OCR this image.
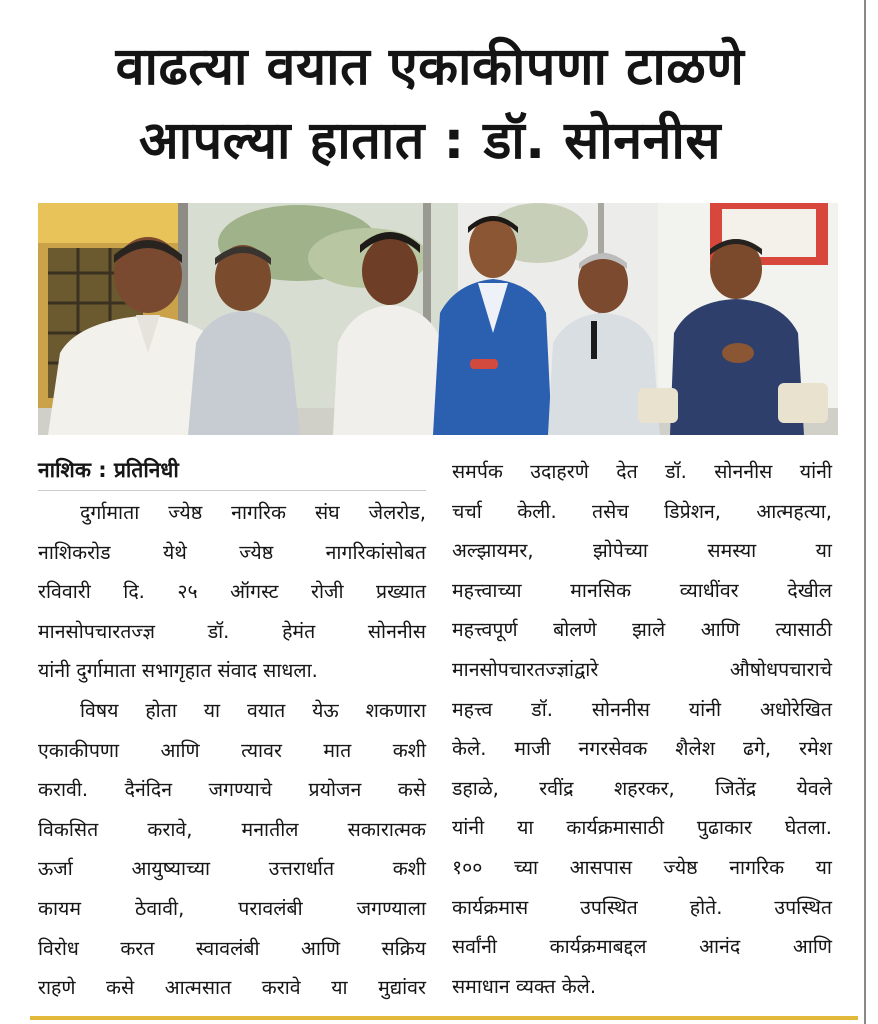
वाढत्या वयात एकाकीपणा टाळणे
आपल्या हातात : डॉ. सोननीस
नाशिक : प्रतिनिधी
दुर्गामाता ज्येष्ठ नागरिक संघ जेलरोड,
नाशिकरोड येथे ज्येष्ठ नागरिकांसोबत
रविवारी दि. २५ ऑगस्ट रोजी प्रख्यात
मानसोपचारतज्ज्ञ डॉ. हेमंत सोननीस
यांनी दुर्गामाता सभागृहात संवाद साधला.
विषय होता या वयात येऊ शकणारा
एकाकीपणा आणि त्यावर मात कशी
करावी. दैनंदिन जगण्याचे प्रयोजन कसे
विकसित करावे, मनातील सकारात्मक
ऊर्जा आयुष्याच्या उत्तरार्धात कशी
कायम ठेवावी, परावलंबी जगण्याला
विरोध करत स्वावलंबी आणि सक्रिय
राहणे कसे आत्मसात करावे या मुद्यांवर
समर्पक उदाहरणे देत डॉ. सोननीस यांनी
चर्चा केली. तसेच डिप्रेशन, आत्महत्या,
अल्झायमर, झोपेच्या समस्या या
महत्त्वाच्या मानसिक व्याधींवर देखील
महत्त्वपूर्ण बोलणे झाले आणि त्यासाठी
मानसोपचारतज्ज्ञांद्वारे औषोधपचाराचे
महत्त्व डॉ. सोननीस यांनी अधोरेखित
केले. माजी नगरसेवक शैलेश ढगे, रमेश
डहाळे, रवींद्र शहरकर, जितेंद्र येवले
यांनी या कार्यक्रमासाठी पुढाकार घेतला.
१०० च्या आसपास ज्येष्ठ नागरिक या
कार्यक्रमास उपस्थित होते. उपस्थित
सर्वांनी कार्यक्रमाबद्दल आनंद आणि
समाधान व्यक्त केले.
